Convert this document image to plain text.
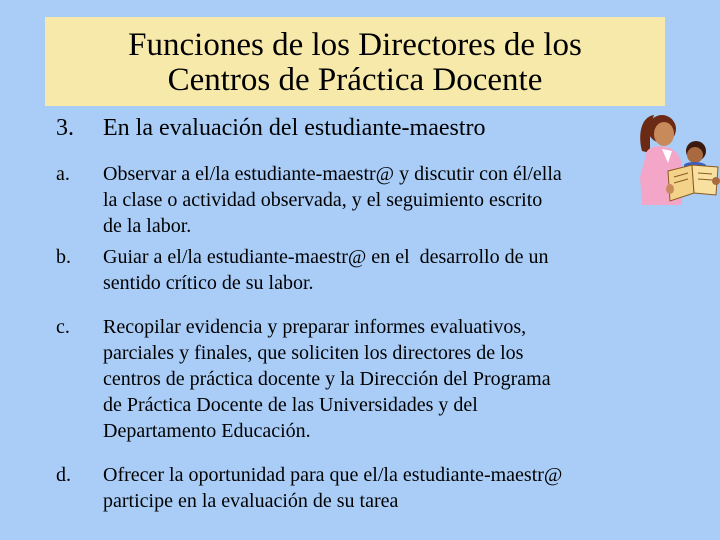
Funciones de los Directores de los
Centros de Práctica Docente
3. En la evaluación del estudiante-maestro
a. Observar a el/la estudiante-maestr@ y discutir con él/ella
la clase o actividad observada, y el seguimiento escrito
de la labor.
b. Guiar a el/la estudiante-maestr@ en el  desarrollo de un
sentido crítico de su labor.
c. Recopilar evidencia y preparar informes evaluativos,
parciales y finales, que soliciten los directores de los
centros de práctica docente y la Dirección del Programa
de Práctica Docente de las Universidades y del
Departamento Educación.
d. Ofrecer la oportunidad para que el/la estudiante-maestr@
participe en la evaluación de su tarea
